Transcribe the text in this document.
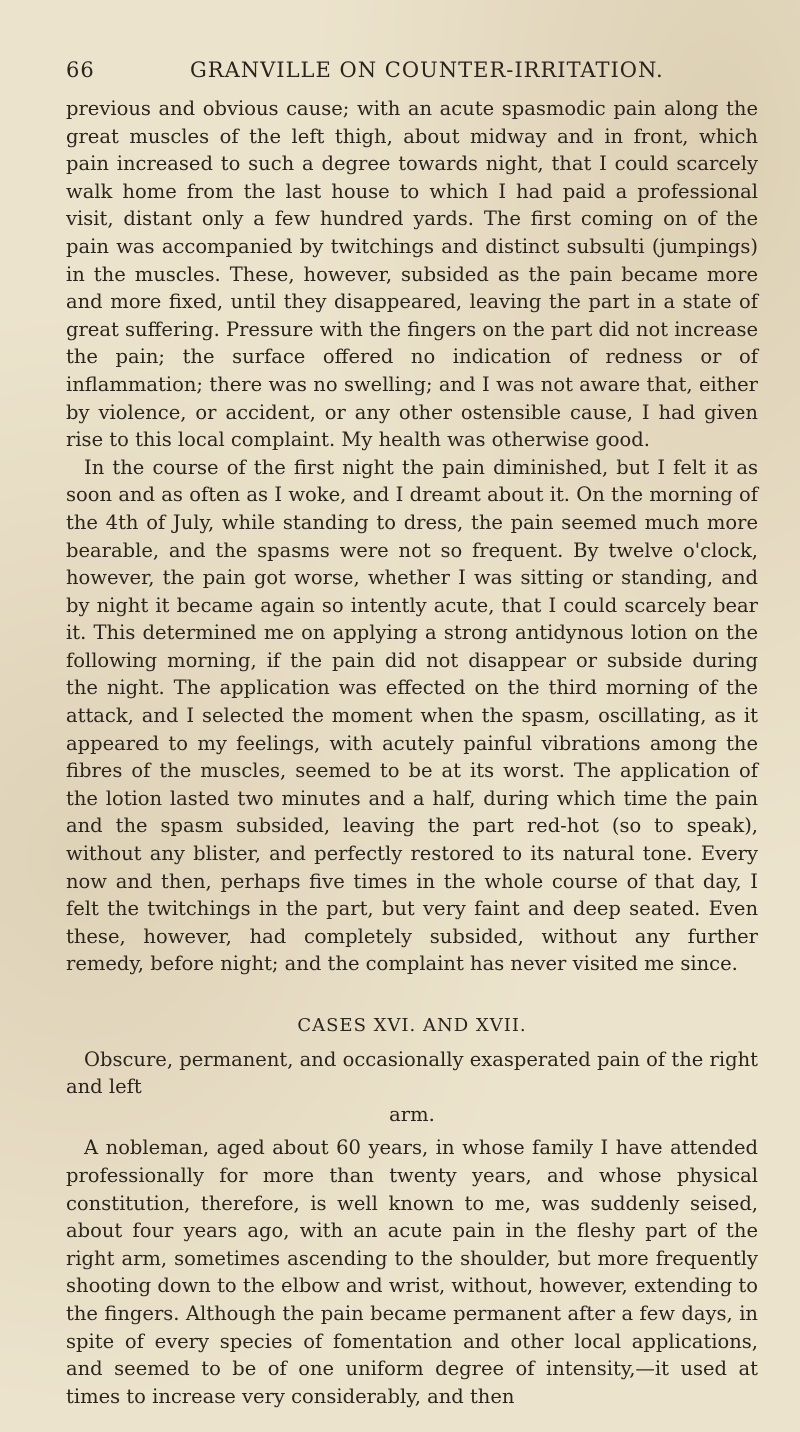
66	GRANVILLE ON COUNTER-IRRITATION.

previous and obvious cause; with an acute spasmodic pain along the great muscles of the left thigh, about midway and in front, which pain increased to such a degree towards night, that I could scarcely walk home from the last house to which I had paid a professional visit, distant only a few hundred yards. The first coming on of the pain was accompanied by twitchings and distinct subsulti (jumpings) in the muscles. These, however, subsided as the pain became more and more fixed, until they disappeared, leaving the part in a state of great suffering. Pressure with the fingers on the part did not increase the pain; the surface offered no indication of redness or of inflammation; there was no swelling; and I was not aware that, either by violence, or accident, or any other ostensible cause, I had given rise to this local complaint. My health was otherwise good.

In the course of the first night the pain diminished, but I felt it as soon and as often as I woke, and I dreamt about it. On the morning of the 4th of July, while standing to dress, the pain seemed much more bearable, and the spasms were not so frequent. By twelve o'clock, however, the pain got worse, whether I was sitting or standing, and by night it became again so intently acute, that I could scarcely bear it. This determined me on applying a strong antidynous lotion on the following morning, if the pain did not disappear or subside during the night. The application was effected on the third morning of the attack, and I selected the moment when the spasm, oscillating, as it appeared to my feelings, with acutely painful vibrations among the fibres of the muscles, seemed to be at its worst. The application of the lotion lasted two minutes and a half, during which time the pain and the spasm subsided, leaving the part red-hot (so to speak), without any blister, and perfectly restored to its natural tone. Every now and then, perhaps five times in the whole course of that day, I felt the twitchings in the part, but very faint and deep seated. Even these, however, had completely subsided, without any further remedy, before night; and the complaint has never visited me since.

CASES XVI. AND XVII.

Obscure, permanent, and occasionally exasperated pain of the right and left

arm.

A nobleman, aged about 60 years, in whose family I have attended professionally for more than twenty years, and whose physical constitution, therefore, is well known to me, was suddenly seised, about four years ago, with an acute pain in the fleshy part of the right arm, sometimes ascending to the shoulder, but more frequently shooting down to the elbow and wrist, without, however, extending to the fingers. Although the pain became permanent after a few days, in spite of every species of fomentation and other local applications, and seemed to be of one uniform degree of intensity,—it used at times to increase very considerably, and then
